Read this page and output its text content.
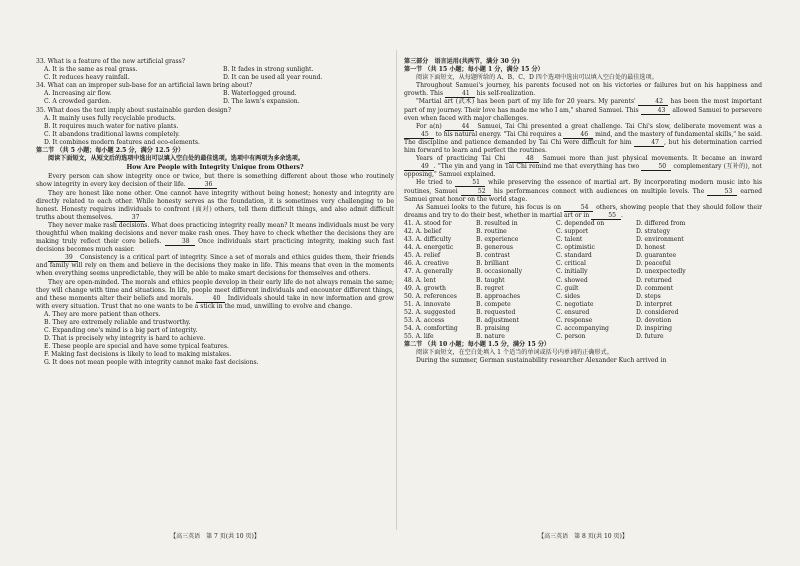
33. What is a feature of the new artificial grass?

A. It is the same as real grass.	B. It fades in strong sunlight.
C. It reduces heavy rainfall.	D. It can be used all year round.

34. What can an improper sub-base for an artificial lawn bring about?

A. Increasing air flow.	B. Waterlogged ground.
C. A crowded garden.	D. The lawn's expansion.

35. What does the text imply about sustainable garden design?

A. It mainly uses fully recyclable products.

B. It requires much water for native plants.

C. It abandons traditional lawns completely.

D. It combines modern features and eco-elements.

第二节 （共 5 小题；每小题 2.5 分，满分 12.5 分）

阅读下面短文，从短文后的选项中选出可以填入空白处的最佳选项。选项中有两项为多余选项。

How Are People with Integrity Unique from Others?

Every person can show integrity once or twice, but there is something different about those who routinely show integrity in every key decision of their life.	36

They are honest like none other. One cannot have integrity without being honest; honesty and integrity are directly related to each other. While honesty serves as the foundation, it is sometimes very challenging to be honest. Honesty requires individuals to confront (面对) others, tell them difficult things, and also admit difficult truths about themselves.	37

They never make rash decisions. What does practicing integrity really mean? It means individuals must be very thoughtful when making decisions and never make rash ones. They have to check whether the decisions they are making truly reflect their core beliefs.	38 Once individuals start practicing integrity, making such fast decisions becomes much easier.

39 Consistency is a critical part of integrity. Since a set of morals and ethics guides them, their friends and family will rely on them and believe in the decisions they make in life. This means that even in the moments when everything seems unpredictable, they will be able to make smart decisions for themselves and others.

They are open-minded. The morals and ethics people develop in their early life do not always remain the same; they will change with time and situations. In life, people meet different individuals and encounter different things, and these moments alter their beliefs and morals.	40 Individuals should take in new information and grow with every situation. Trust that no one wants to be a stick in the mud, unwilling to evolve and change.

A. They are more patient than others.

B. They are extremely reliable and trustworthy.

C. Expanding one's mind is a big part of integrity.

D. That is precisely why integrity is hard to achieve.

E. These people are special and have some typical features.

F. Making fast decisions is likely to lead to making mistakes.

G. It does not mean people with integrity cannot make fast decisions.

【高三英语　第 7 页(共 10 页)】

第三部分　语言运用(共两节，满分 30 分)

第一节 （共 15 小题；每小题 1 分，满分 15 分）

阅读下面短文，从每题所给的 A、B、C、D 四个选项中选出可以填入空白处的最佳选项。

Throughout Samuei's journey, his parents focused not on his victories or failures but on his happiness and growth. This	41 his self-realization.

"Martial art (武术) has been part of my life for 20 years. My parents'	42 has been the most important part of my journey. Their love has made me who I am," shared Samuei. This	43 allowed Samuei to persevere even when faced with major challenges.

For a(n)	44 Samuei, Tai Chi presented a great challenge. Tai Chi's slow, deliberate movement was a 45 to his natural energy. "Tai Chi requires a	46 mind, and the mastery of fundamental skills," he said. The discipline and patience demanded by Tai Chi were difficult for him	47 , but his determination carried him forward to learn and perfect the routines.

Years of practicing Tai Chi	48 Samuei more than just physical movements. It became an inward 49 . "The yin and yang in Tai Chi remind me that everything has two	50 complementary (互补的), not opposing," Samuei explained.

He tried to	51 while preserving the essence of martial art. By incorporating modern music into his routines, Samuei	52 his performances connect with audiences on multiple levels. The	53 earned Samuei great honor on the world stage.

As Samuei looks to the future, his focus is on	54 others, showing people that they should follow their dreams and try to do their best, whether in martial art or in	55 .

41. A. stood for	B. resulted in	C. depended on	D. differed from
42. A. belief	B. routine	C. support	D. strategy
43. A. difficulty	B. experience	C. talent	D. environment
44. A. energetic	B. generous	C. optimistic	D. honest
45. A. relief	B. contrast	C. standard	D. guarantee
46. A. creative	B. brilliant	C. critical	D. peaceful
47. A. generally	B. occasionally	C. initially	D. unexpectedly
48. A. lent	B. taught	C. showed	D. returned
49. A. growth	B. regret	C. guilt	D. comment
50. A. references	B. approaches	C. sides	D. steps
51. A. innovate	B. compete	C. negotiate	D. interpret
52. A. suggested	B. requested	C. ensured	D. considered
53. A. access	B. adjustment	C. response	D. devotion
54. A. comforting	B. praising	C. accompanying	D. inspiring
55. A. life	B. nature	C. person	D. future

第二节 （共 10 小题；每小题 1.5 分，满分 15 分）

阅读下面短文，在空白处填入 1 个适当的单词或括号内单词的正确形式。

During the summer, German sustainability researcher Alexander Kuch arrived in

【高三英语　第 8 页(共 10 页)】
